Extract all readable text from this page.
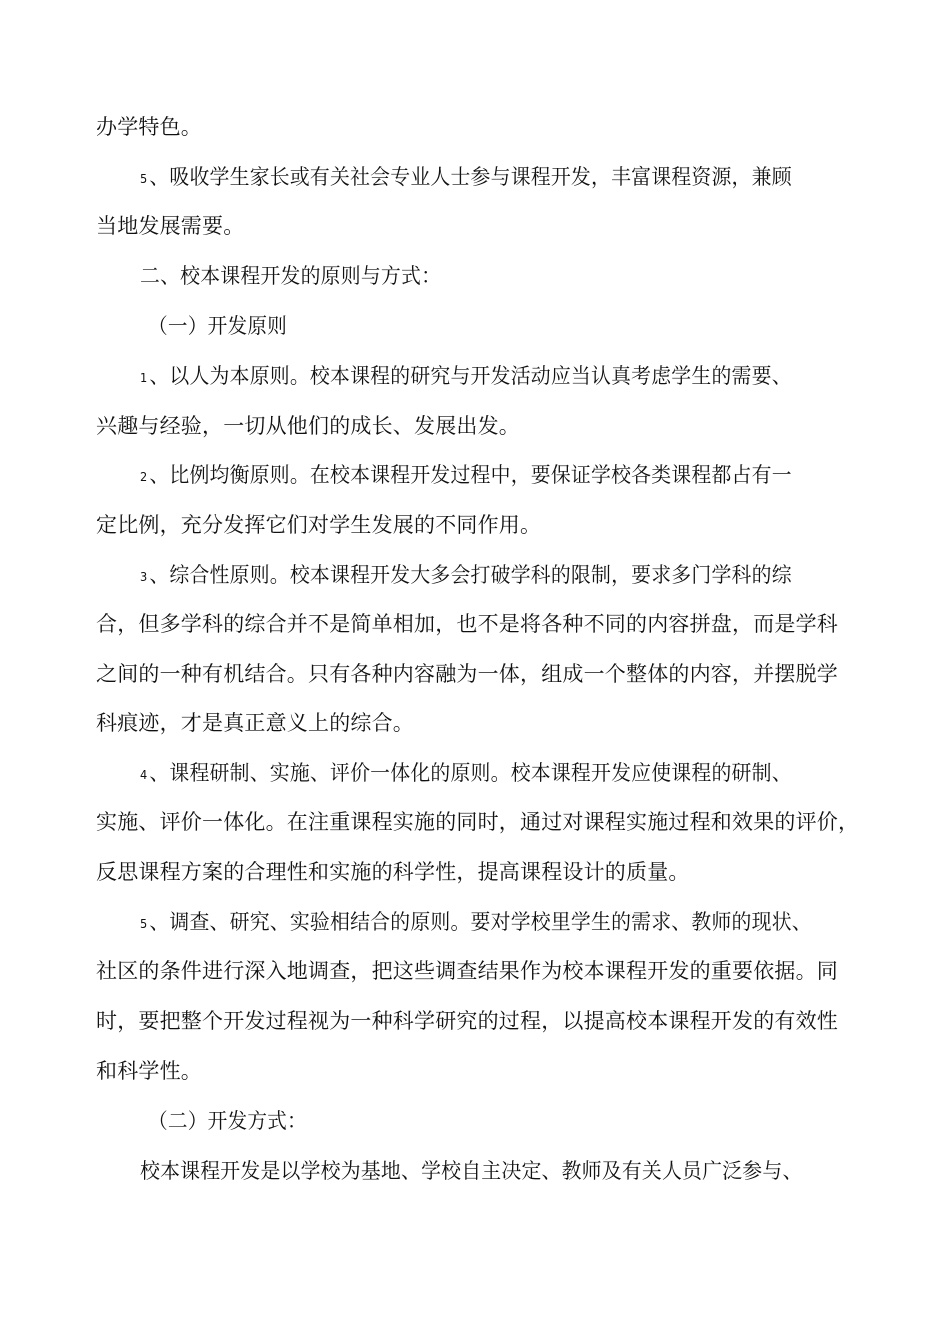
办学特色。
5、吸收学生家长或有关社会专业人士参与课程开发，丰富课程资源，兼顾
当地发展需要。
二、校本课程开发的原则与方式：
（一）开发原则
1、以人为本原则。校本课程的研究与开发活动应当认真考虑学生的需要、
兴趣与经验，一切从他们的成长、发展出发。
2、比例均衡原则。在校本课程开发过程中，要保证学校各类课程都占有一
定比例，充分发挥它们对学生发展的不同作用。
3、综合性原则。校本课程开发大多会打破学科的限制，要求多门学科的综
合，但多学科的综合并不是简单相加，也不是将各种不同的内容拼盘，而是学科
之间的一种有机结合。只有各种内容融为一体，组成一个整体的内容，并摆脱学
科痕迹，才是真正意义上的综合。
4、课程研制、实施、评价一体化的原则。校本课程开发应使课程的研制、
实施、评价一体化。在注重课程实施的同时，通过对课程实施过程和效果的评价，
反思课程方案的合理性和实施的科学性，提高课程设计的质量。
5、调查、研究、实验相结合的原则。要对学校里学生的需求、教师的现状、
社区的条件进行深入地调查，把这些调查结果作为校本课程开发的重要依据。同
时，要把整个开发过程视为一种科学研究的过程，以提高校本课程开发的有效性
和科学性。
（二）开发方式：
校本课程开发是以学校为基地、学校自主决定、教师及有关人员广泛参与、
